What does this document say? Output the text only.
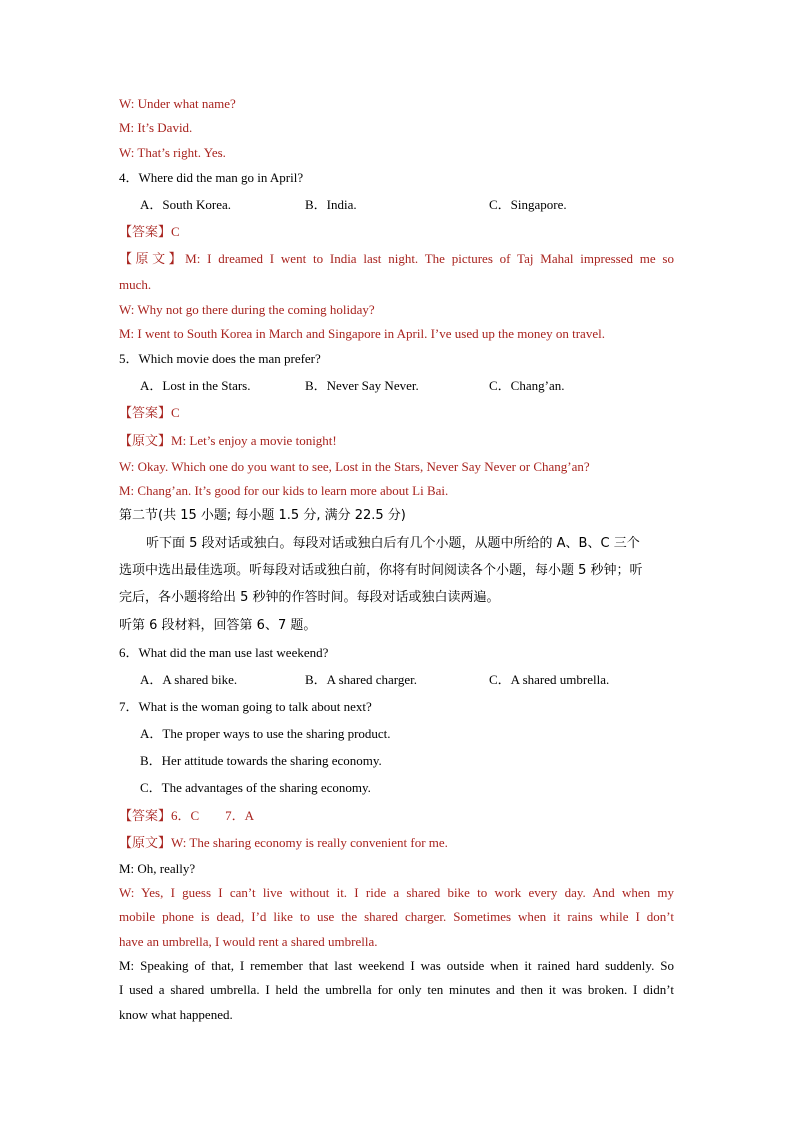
W: Under what name?
M: It’s David.
W: That’s right. Yes.
4．Where did the man go in April?
A．South Korea.	B．India.	C．Singapore.
【答案】C
【原文】M: I dreamed I went to India last night. The pictures of Taj Mahal impressed me so
much.
W: Why not go there during the coming holiday?
M: I went to South Korea in March and Singapore in April. I’ve used up the money on travel.
5．Which movie does the man prefer?
A．Lost in the Stars.	B．Never Say Never.	C．Chang’an.
【答案】C
【原文】M: Let’s enjoy a movie tonight!
W: Okay. Which one do you want to see, Lost in the Stars, Never Say Never or Chang’an?
M: Chang’an. It’s good for our kids to learn more about Li Bai.
第二节(共 15 小题; 每小题 1.5 分, 满分 22.5 分)
听下面 5 段对话或独白。每段对话或独白后有几个小题，从题中所给的 A、B、C 三个
选项中选出最佳选项。听每段对话或独白前，你将有时间阅读各个小题，每小题 5 秒钟；听
完后，各小题将给出 5 秒钟的作答时间。每段对话或独白读两遍。
听第 6 段材料，回答第 6、7 题。
6．What did the man use last weekend?
A．A shared bike.	B．A shared charger.	C．A shared umbrella.
7．What is the woman going to talk about next?
A．The proper ways to use the sharing product.
B．Her attitude towards the sharing economy.
C．The advantages of the sharing economy.
【答案】6．C　　7．A
【原文】W: The sharing economy is really convenient for me.
M: Oh, really?
W: Yes, I guess I can’t live without it. I ride a shared bike to work every day. And when my
mobile phone is dead, I’d like to use the shared charger. Sometimes when it rains while I don’t
have an umbrella, I would rent a shared umbrella.
M: Speaking of that, I remember that last weekend I was outside when it rained hard suddenly. So
I used a shared umbrella. I held the umbrella for only ten minutes and then it was broken. I didn’t
know what happened.
